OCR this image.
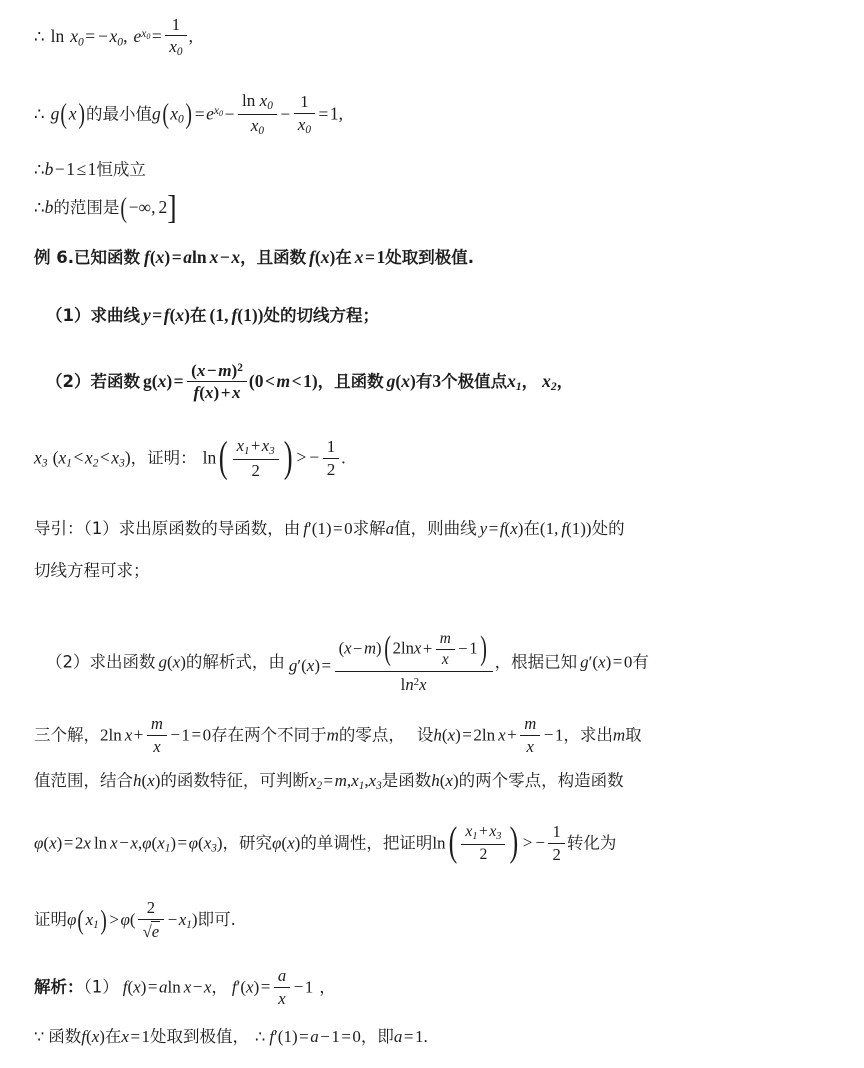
∴ $\ln x_0= -x_0$, $e^{x0}= \frac{1}{x_0}$ ,
∴ g(x)的最小值$g(x_0) =e^{x0}- \frac{\ln x_0}{x_0} - \frac{1}{x_0} =1$,
∴b−1≤1恒成立
∴b的范围是(−∞, 2]
例 6.已知函数 f(x)=aln x−x，且函数 f(x)在 x=1处取到极值.
（1）求曲线 y=f(x)在 (1, f(1))处的切线方程；
（2）若函数 $g(x)= \frac{(x-m)^2}{f(x)+x} (0<m<1)$，且函数 g(x)有3个极值点$x_1$， $x_2$，
$x_3$ $(x_1<x_2<x_3)$，证明： $\ln( \frac{x_1+x_3}{2}$ ) > − $\frac{1}{2}$ .
导引：（1）求出原函数的导函数，由 f′(1)=0求解a值，则曲线 y=f(x)在(1, f(1))处的
切线方程可求；
（2）求出函数 g(x)的解析式，由 $g'(x)= \frac{(x-m)( 2\ln x+ \frac{m}{x} -1)}{\ln^2x}$ ，根据已知 g′(x)=0有
三个解，2ln $x+ \frac{m}{x} -1=0$存在两个不同于m的零点， 设h(x)=2ln $x+ \frac{m}{x} -1$，求出m取
值范围，结合h(x)的函数特征，可判断$x_2=m,x_1,x_3$是函数h(x)的两个零点，构造函数
φ(x)=2x $\ln x-x,\varphi(x_1)=\varphi(x_3)$，研究φ(x)的单调性，把证明$\ln( \frac{x_1+x_3}{2}$ ) > − $\frac{1}{2}$ 转化为
证明$\varphi(x_1) >\varphi( \frac{2}{√e} -x_1)$即可.
解析：（1） f(x)=aln x−x， $f'(x)= \frac{a}{x} -1$ ，
∵ 函数f(x)在x=1处取到极值， ∴ f′(1)=a−1=0，即a=1.
